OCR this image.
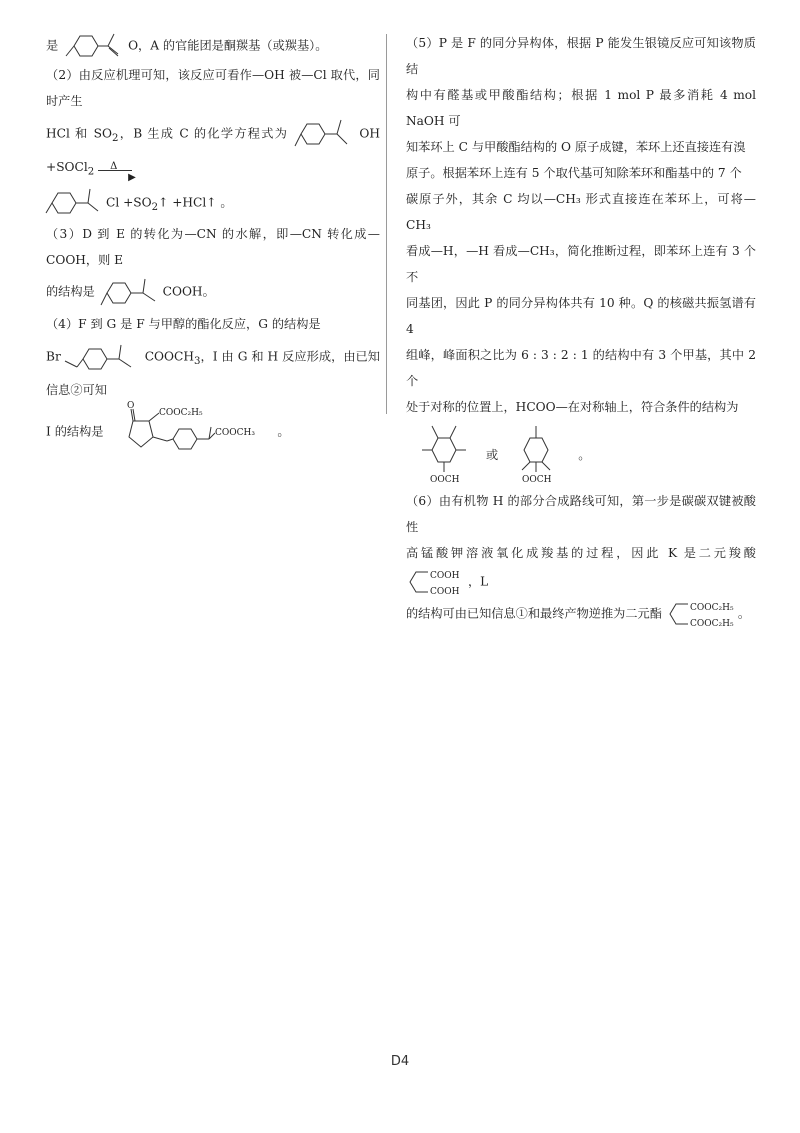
是	O，A 的官能团是酮羰基（或羰基）。

（2）由反应机理可知，该反应可看作—OH 被—Cl 取代，同时产生
HCl 和 $SO_2$，B 生成 C 的化学方程式为	OH +SOCl$_2$
Δ
▶

$Cl +SO_2↑$ +HCl↑ 。

（3）D 到 E 的转化为—CN 的水解，即—CN 转化成—COOH，则 E
的结构是	COOH。

（4）F 到 G 是 F 与甲醇的酯化反应，G 的结构是
Br	$COOCH_3$，I 由 G 和 H 反应形成，由已知信息②可知
I 的结构是
O
COOC₂H₅
COOCH₃ 。

（5）P 是 F 的同分异构体，根据 P 能发生银镜反应可知该物质结
构中有醛基或甲酸酯结构；根据 1 mol P 最多消耗 4 mol NaOH 可
知苯环上 C 与甲酸酯结构的 O 原子成键，苯环上还直接连有溴
原子。根据苯环上连有 5 个取代基可知除苯环和酯基中的 7 个
碳原子外，其余 C 均以—CH₃ 形式直接连在苯环上，可将—CH₃
看成—H，—H 看成—CH₃，简化推断过程，即苯环上连有 3 个不
同基团，因此 P 的同分异构体共有 10 种。Q 的核磁共振氢谱有 4
组峰，峰面积之比为 6 : 3 : 2 : 1 的结构中有 3 个甲基，其中 2 个
处于对称的位置上，HCOO—在对称轴上，符合条件的结构为

OOCH
或
OOCH
。

（6）由有机物 H 的部分合成路线可知，第一步是碳碳双键被酸性
高锰酸钾溶液氧化成羧基的过程，因此 K 是二元羧酸
COOH
COOH
，L
的结构可由已知信息①和最终产物逆推为二元酯	COOC₂H₅
COOC₂H₅
。

D4
